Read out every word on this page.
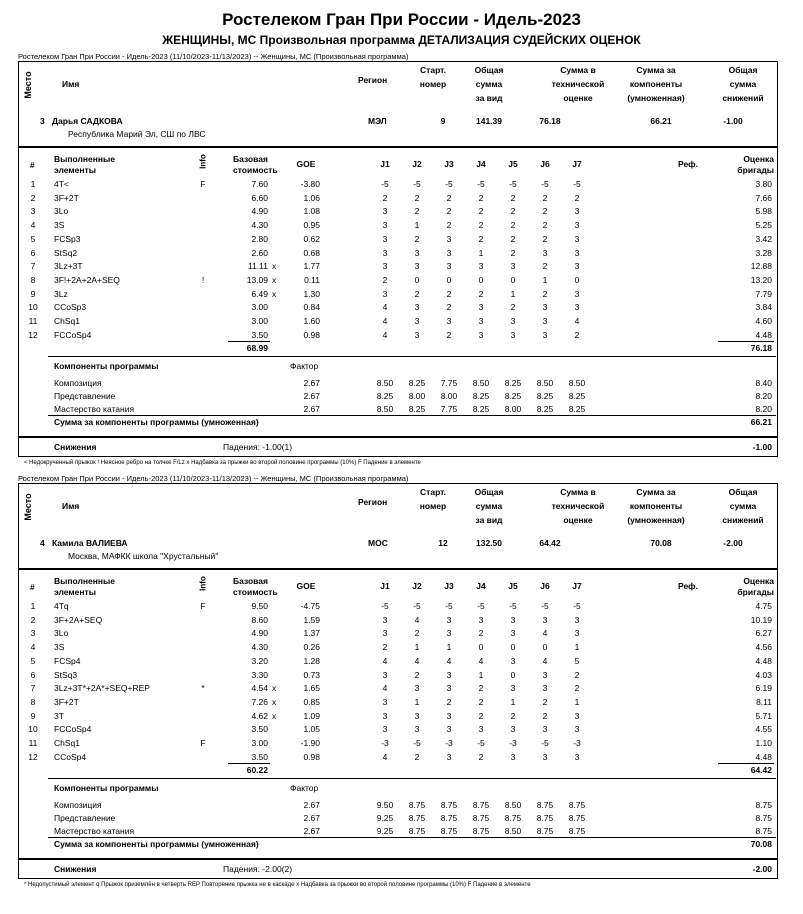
Ростелеком Гран При России - Идель-2023
ЖЕНЩИНЫ, МС Произвольная программа ДЕТАЛИЗАЦИЯ СУДЕЙСКИХ ОЦЕНОК
Ростелеком Гран При России - Идель-2023 (11/10/2023-11/13/2023) -- Женщины, МС (Произвольная программа)
Место	Имя	Регион
Старт.
номер
Общая
сумма
за вид
Сумма в
технической
оценке
Сумма за
компоненты
(умноженная)
Общая
сумма
снижений
3 Дарья САДКОВА
Республика Марий Эл, СШ по ЛВС
МЭЛ	9	141.39	76.18	66.21	-1.00
#
Выполненные
элементы
Info	Базовая
стоимость
GOE	J1	J2	J3	J4	J5	J6	J7	Реф.	Оценка
бригады
1	4T<	F	7.60	-3.80	-5	-5	-5	-5	-5	-5	-5	3.80
2	3F+2T	6.60	1.06	2	2	2	2	2	2	2	7.66
3	3Lo	4.90	1.08	3	2	2	2	2	2	3	5.98
4	3S	4.30	0.95	3	1	2	2	2	2	3	5.25
5	FCSp3	2.80	0.62	3	2	3	2	2	2	3	3.42
6	StSq2	2.60	0.68	3	3	3	1	2	3	3	3.28
7	3Lz+3T	11.11 x	1.77	3	3	3	3	3	2	3	12.88
8	3F!+2A+2A+SEQ	!	13.09 x	0.11	2	0	0	0	0	1	0	13.20
9	3Lz	6.49 x	1.30	3	2	2	2	1	2	3	7.79
10	CCoSp3	3.00	0.84	4	3	2	3	2	3	3	3.84
11	ChSq1	3.00	1.60	4	3	3	3	3	3	4	4.60
12	FCCoSp4	3.50	0.98	4	3	2	3	3	3	2	4.48
68.99	76.18
Компоненты программы	Фактор
Композиция	2.67	8.50	8.25	7.75	8.50	8.25	8.50	8.50	8.40
Представление	2.67	8.25	8.00	8.00	8.25	8.25	8.25	8.25	8.20
Мастерство катания	2.67	8.50	8.25	7.75	8.25	8.00	8.25	8.25	8.20
Сумма за компоненты программы (умноженная)	66.21
Снижения	Падения: -1.00(1)	-1.00
< Недокрученный прыжок ! Неясное ребро на толчке F/Lz x Надбавка за прыжки во второй половине программы (10%) F Падение в элементе
Ростелеком Гран При России - Идель-2023 (11/10/2023-11/13/2023) -- Женщины, МС (Произвольная программа)
Место	Имя	Регион
Старт.
номер
Общая
сумма
за вид
Сумма в
технической
оценке
Сумма за
компоненты
(умноженная)
Общая
сумма
снижений
4 Камила ВАЛИЕВА
Москва, МАФКК школа "Хрустальный"
МОС	12	132.50	64.42	70.08	-2.00
#
Выполненные
элементы
Info	Базовая
стоимость
GOE	J1	J2	J3	J4	J5	J6	J7	Реф.	Оценка
бригады
1	4Tq	F	9.50	-4.75	-5	-5	-5	-5	-5	-5	-5	4.75
2	3F+2A+SEQ	8.60	1.59	3	4	3	3	3	3	3	10.19
3	3Lo	4.90	1.37	3	2	3	2	3	4	3	6.27
4	3S	4.30	0.26	2	1	1	0	0	0	1	4.56
5	FCSp4	3.20	1.28	4	4	4	4	3	4	5	4.48
6	StSq3	3.30	0.73	3	2	3	1	0	3	2	4.03
7	3Lz+3T*+2A*+SEQ+REP	*	4.54 x	1.65	4	3	3	2	3	3	2	6.19
8	3F+2T	7.26 x	0.85	3	1	2	2	1	2	1	8.11
9	3T	4.62 x	1.09	3	3	3	2	2	2	3	5.71
10	FCCoSp4	3.50	1.05	3	3	3	3	3	3	3	4.55
11	ChSq1	F	3.00	-1.90	-3	-5	-3	-5	-3	-5	-3	1.10
12	CCoSp4	3.50	0.98	4	2	3	2	3	3	3	4.48
60.22	64.42
Компоненты программы	Фактор
Композиция	2.67	9.50	8.75	8.75	8.75	8.50	8.75	8.75	8.75
Представление	2.67	9.25	8.75	8.75	8.75	8.75	8.75	8.75	8.75
Мастерство катания	2.67	9.25	8.75	8.75	8.75	8.50	8.75	8.75	8.75
Сумма за компоненты программы (умноженная)	70.08
Снижения	Падения: -2.00(2)	-2.00
* Недопустимый элемент q Прыжок приземлён в четверть REP Повторение прыжка не в каскаде x Надбавка за прыжки во второй половине программы (10%) F Падение в элементе
